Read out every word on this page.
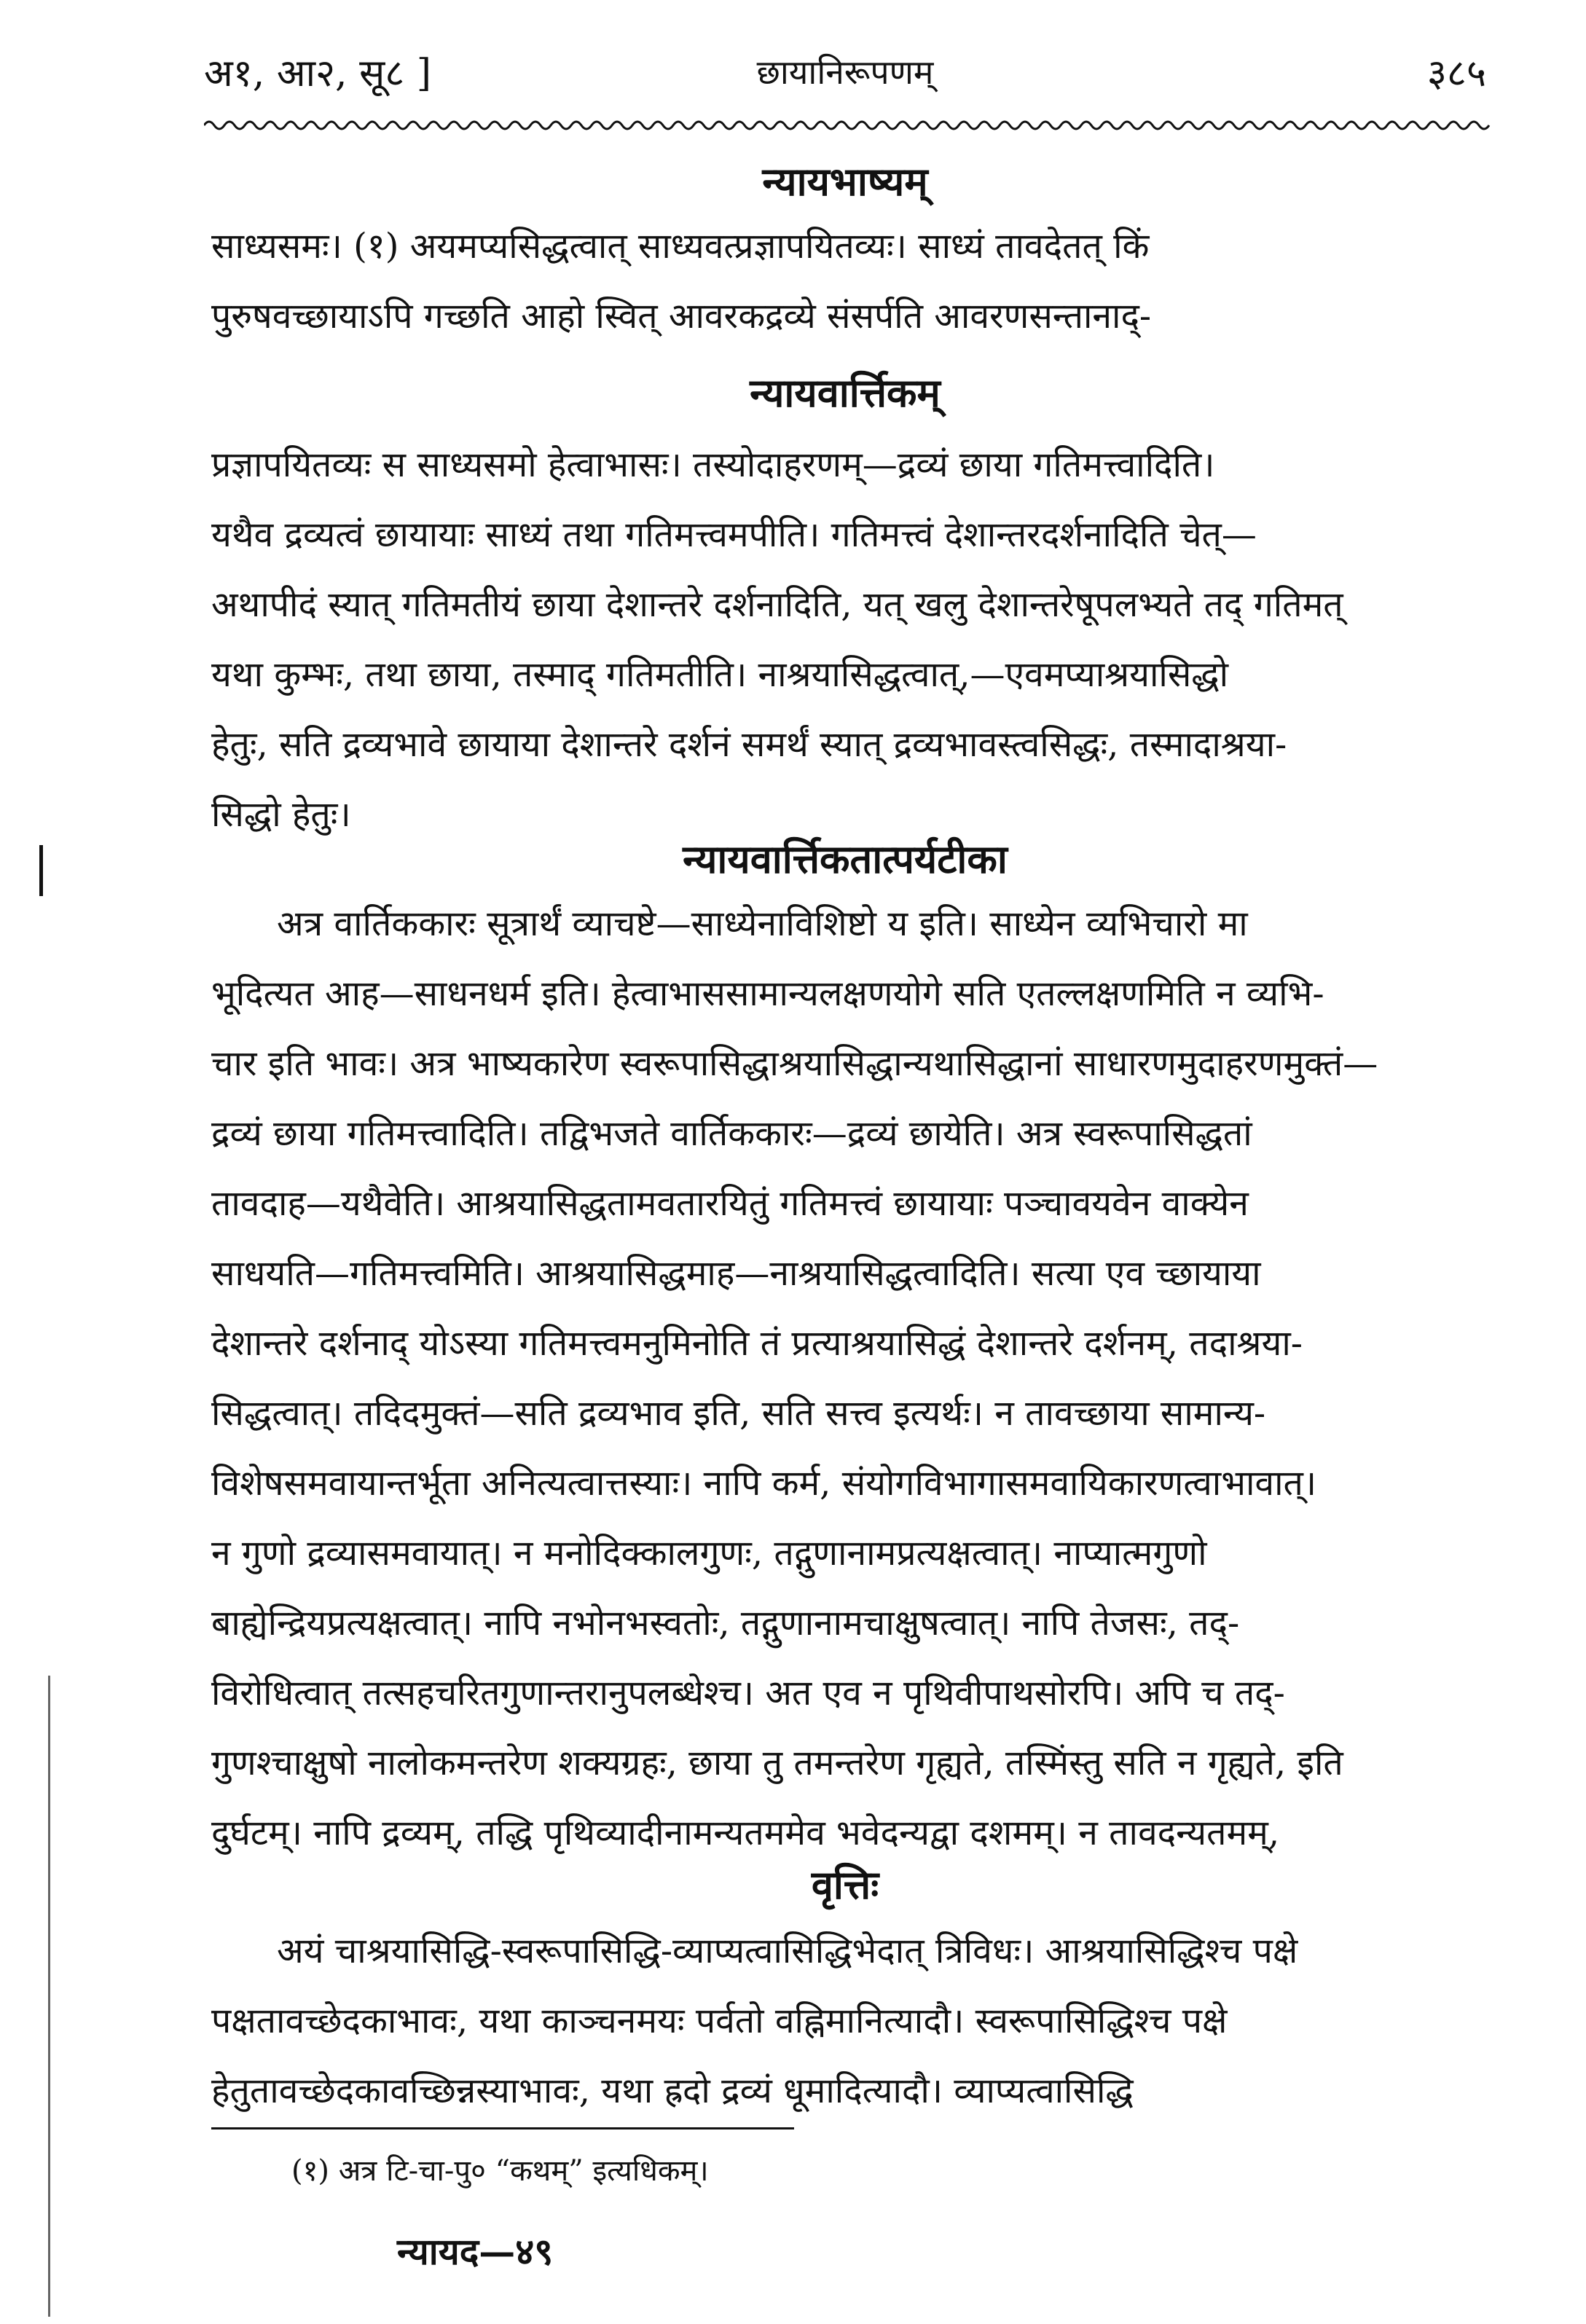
अ१, आ२, सू८ ]	छायानिरूपणम्	३८५
न्यायभाष्यम्
साध्यसमः। (१) अयमप्यसिद्धत्वात् साध्यवत्प्रज्ञापयितव्यः। साध्यं तावदेतत् किं
पुरुषवच्छायाऽपि गच्छति आहो स्वित् आवरकद्रव्ये संसर्पति आवरणसन्तानाद्-
न्यायवार्त्तिकम्
प्रज्ञापयितव्यः स साध्यसमो हेत्वाभासः। तस्योदाहरणम्—द्रव्यं छाया गतिमत्त्वादिति।
यथैव द्रव्यत्वं छायायाः साध्यं तथा गतिमत्त्वमपीति। गतिमत्त्वं देशान्तरदर्शनादिति चेत्—
अथापीदं स्यात् गतिमतीयं छाया देशान्तरे दर्शनादिति, यत् खलु देशान्तरेषूपलभ्यते तद् गतिमत्
यथा कुम्भः, तथा छाया, तस्माद् गतिमतीति। नाश्रयासिद्धत्वात्,—एवमप्याश्रयासिद्धो
हेतुः, सति द्रव्यभावे छायाया देशान्तरे दर्शनं समर्थं स्यात् द्रव्यभावस्त्वसिद्धः, तस्मादाश्रया-
सिद्धो हेतुः।
न्यायवार्त्तिकतात्पर्यटीका
अत्र वार्तिककारः सूत्रार्थं व्याचष्टे—साध्येनाविशिष्टो य इति। साध्येन व्यभिचारो मा
भूदित्यत आह—साधनधर्म इति। हेत्वाभाससामान्यलक्षणयोगे सति एतल्लक्षणमिति न व्यभि-
चार इति भावः। अत्र भाष्यकारेण स्वरूपासिद्धाश्रयासिद्धान्यथासिद्धानां साधारणमुदाहरणमुक्तं—
द्रव्यं छाया गतिमत्त्वादिति। तद्विभजते वार्तिककारः—द्रव्यं छायेति। अत्र स्वरूपासिद्धतां
तावदाह—यथैवेति। आश्रयासिद्धतामवतारयितुं गतिमत्त्वं छायायाः पञ्चावयवेन वाक्येन
साधयति—गतिमत्त्वमिति। आश्रयासिद्धमाह—नाश्रयासिद्धत्वादिति। सत्या एव च्छायाया
देशान्तरे दर्शनाद् योऽस्या गतिमत्त्वमनुमिनोति तं प्रत्याश्रयासिद्धं देशान्तरे दर्शनम्, तदाश्रया-
सिद्धत्वात्। तदिदमुक्तं—सति द्रव्यभाव इति, सति सत्त्व इत्यर्थः। न तावच्छाया सामान्य-
विशेषसमवायान्तर्भूता अनित्यत्वात्तस्याः। नापि कर्म, संयोगविभागासमवायिकारणत्वाभावात्।
न गुणो द्रव्यासमवायात्। न मनोदिक्कालगुणः, तद्गुणानामप्रत्यक्षत्वात्। नाप्यात्मगुणो
बाह्येन्द्रियप्रत्यक्षत्वात्। नापि नभोनभस्वतोः, तद्गुणानामचाक्षुषत्वात्। नापि तेजसः, तद्-
विरोधित्वात् तत्सहचरितगुणान्तरानुपलब्धेश्च। अत एव न पृथिवीपाथसोरपि। अपि च तद्-
गुणश्चाक्षुषो नालोकमन्तरेण शक्यग्रहः, छाया तु तमन्तरेण गृह्यते, तस्मिंस्तु सति न गृह्यते, इति
दुर्घटम्। नापि द्रव्यम्, तद्धि पृथिव्यादीनामन्यतममेव भवेदन्यद्वा दशमम्। न तावदन्यतमम्,
वृत्तिः
अयं चाश्रयासिद्धि-स्वरूपासिद्धि-व्याप्यत्वासिद्धिभेदात् त्रिविधः। आश्रयासिद्धिश्च पक्षे
पक्षतावच्छेदकाभावः, यथा काञ्चनमयः पर्वतो वह्निमानित्यादौ। स्वरूपासिद्धिश्च पक्षे
हेतुतावच्छेदकावच्छिन्नस्याभावः, यथा ह्रदो द्रव्यं धूमादित्यादौ। व्याप्यत्वासिद्धि
(१) अत्र टि-चा-पु० “कथम्” इत्यधिकम्।
न्यायद—४९
